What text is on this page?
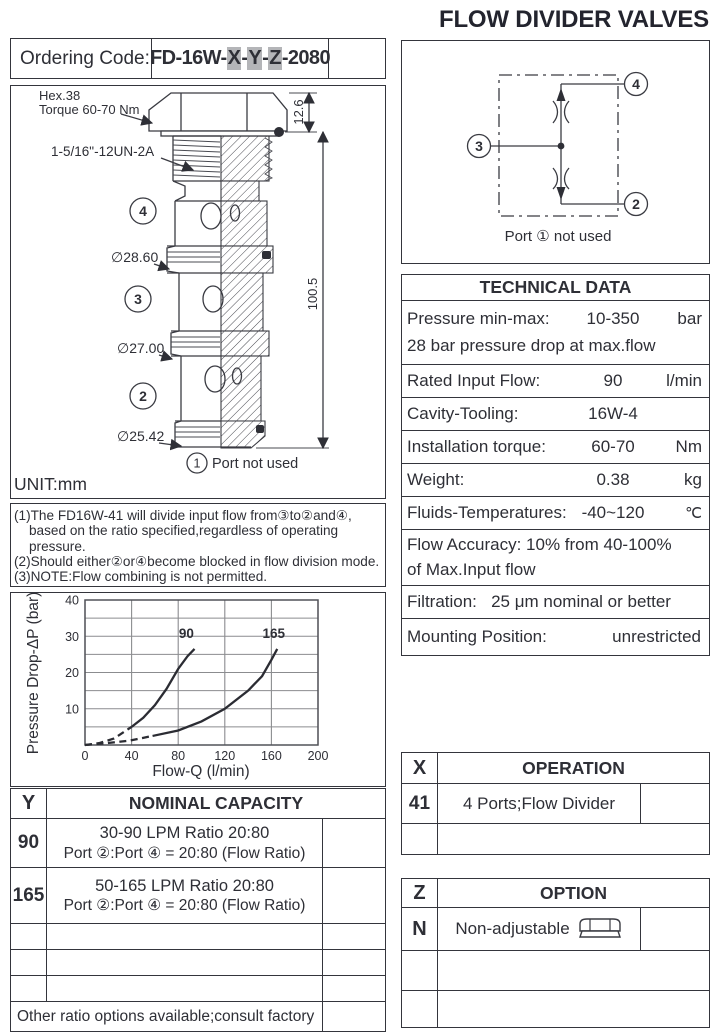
FLOW DIVIDER VALVES
Ordering Code: FD-16W- X - Y - Z -2080
12.6
100.5
Hex.38
Torque 60-70 Nm
1-5/16"-12UN-2A
∅28.60
∅27.00
∅25.42
4
3
2
1 Port not used
UNIT:mm
(1)The FD16W-41 will divide input flow from③to②and④,
based on the ratio specified,regardless of operating
pressure.
(2)Should either②or④become blocked in flow division mode.
(3)NOTE:Flow combining is not permitted.
90	165
0	40	80 120 160 200
10
20
30
40
Flow-Q (l/min)
Pressure Drop-ΔP (bar)
Y	NOMINAL CAPACITY
90	30-90 LPM Ratio 20:80
Port ②:Port ④ = 20:80 (Flow Ratio)
165	50-165 LPM Ratio 20:80
Port ②:Port ④ = 20:80 (Flow Ratio)
Other ratio options available;consult factory
4
3
2
Port ① not used
TECHNICAL DATA
Pressure min-max:	10-350	bar
28 bar pressure drop at max.flow
Rated Input Flow:	90	l/min
Cavity-Tooling:	16W-4
Installation torque:	60-70	Nm
Weight:	0.38	kg
Fluids-Temperatures: -40~120	℃
Flow Accuracy: 10% from 40-100%
of Max.Input flow
Filtration:   25 μm nominal or better
Mounting Position:	unrestricted
X	OPERATION
41	4 Ports;Flow Divider
Z	OPTION
N	Non-adjustable
